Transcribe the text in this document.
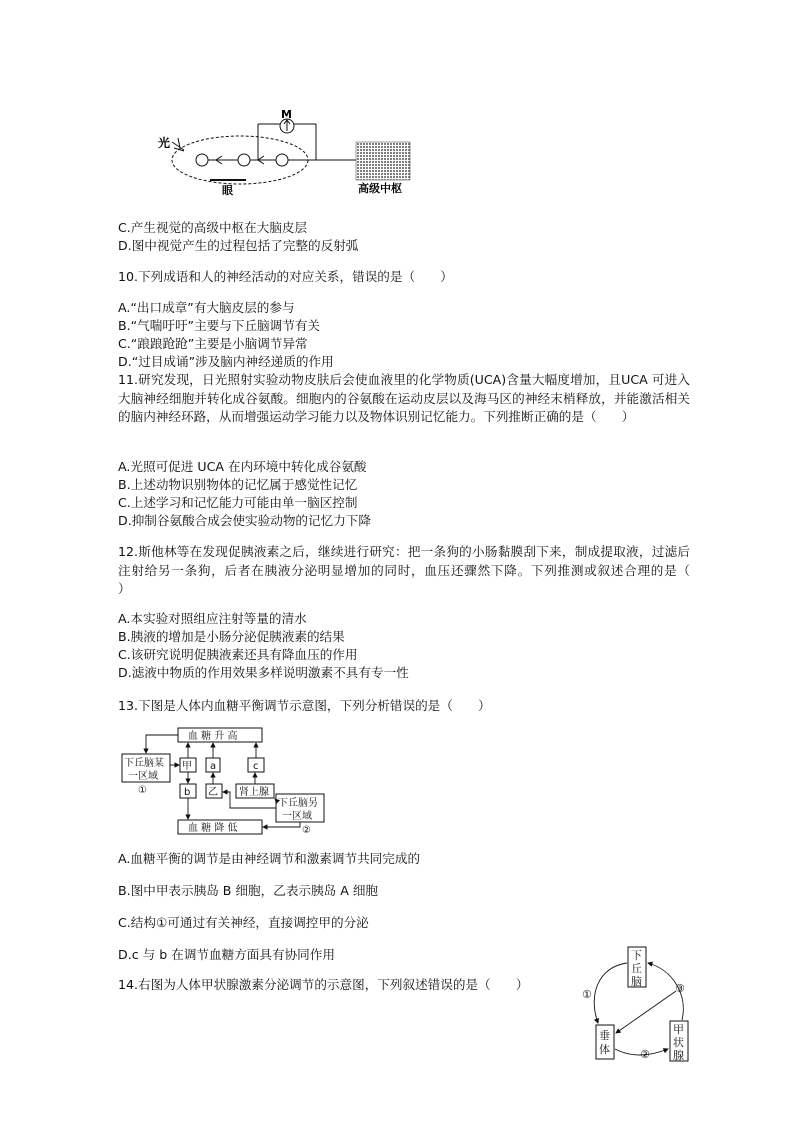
光
M
眼	高级中枢
C.产生视觉的高级中枢在大脑皮层
D.图中视觉产生的过程包括了完整的反射弧
10.下列成语和人的神经活动的对应关系，错误的是（　　）
A.“出口成章”有大脑皮层的参与
B.“气喘吁吁”主要与下丘脑调节有关
C.“踉踉跄跄”主要是小脑调节异常
D.“过目成诵”涉及脑内神经递质的作用
11.研究发现，日光照射实验动物皮肤后会使血液里的化学物质(UCA)含量大幅度增加，且UCA 可进入大脑神经细胞并转化成谷氨酸。细胞内的谷氨酸在运动皮层以及海马区的神经末梢释放，并能激活相关的脑内神经环路，从而增强运动学习能力以及物体识别记忆能力。下列推断正确的是（　　）
A.光照可促进 UCA 在内环境中转化成谷氨酸
B.上述动物识别物体的记忆属于感觉性记忆
C.上述学习和记忆能力可能由单一脑区控制
D.抑制谷氨酸合成会使实验动物的记忆力下降
12.斯他林等在发现促胰液素之后，继续进行研究：把一条狗的小肠黏膜刮下来，制成提取液，过滤后注射给另一条狗，后者在胰液分泌明显增加的同时，血压还骤然下降。下列推测或叙述合理的是（　　）
A.本实验对照组应注射等量的清水
B.胰液的增加是小肠分泌促胰液素的结果
C.该研究说明促胰液素还具有降血压的作用
D.滤液中物质的作用效果多样说明激素不具有专一性
13.下图是人体内血糖平衡调节示意图，下列分析错误的是（　　）
血 糖 升 高
下丘脑某
一区域
①
甲 a	c
b 乙 肾上腺
下丘脑另
一区域
血 糖 降 低	②
A.血糖平衡的调节是由神经调节和激素调节共同完成的
B.图中甲表示胰岛 B 细胞，乙表示胰岛 A 细胞
C.结构①可通过有关神经，直接调控甲的分泌
D.c 与 b 在调节血糖方面具有协同作用
14.右图为人体甲状腺激素分泌调节的示意图，下列叙述错误的是（　　）
下
丘
脑
垂
体
甲
状
腺
①
②
③
